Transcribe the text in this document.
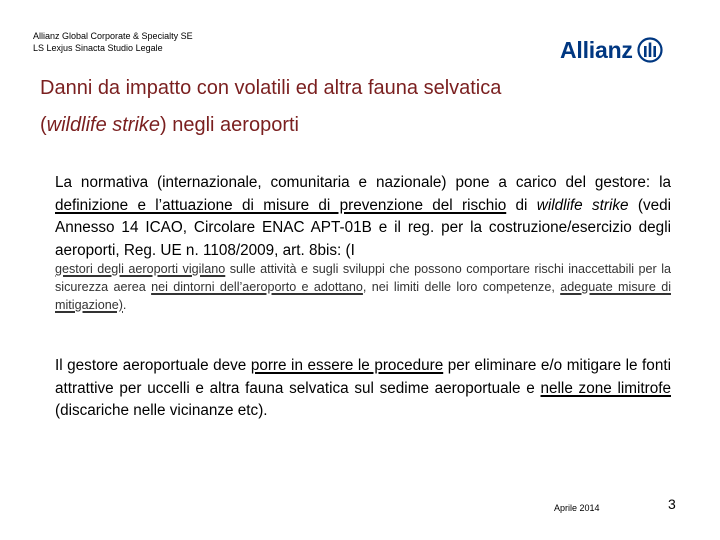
Allianz Global Corporate & Specialty SE
LS Lexjus Sinacta Studio Legale	Allianz
Danni da impatto con volatili ed altra fauna selvatica
(wildlife strike) negli aeroporti
La normativa (internazionale, comunitaria e nazionale) pone a carico del gestore: la definizione e l’attuazione di misure di prevenzione del rischio di wildlife strike (vedi Annesso 14 ICAO, Circolare ENAC APT-01B e il reg. per la costruzione/esercizio degli aeroporti, Reg. UE n. 1108/2009, art. 8bis: (I
gestori degli aeroporti vigilano sulle attività e sugli sviluppi che possono comportare rischi inaccettabili per la sicurezza aerea nei dintorni dell’aeroporto e adottano, nei limiti delle loro competenze, adeguate misure di mitigazione).
Il gestore aeroportuale deve porre in essere le procedure per eliminare e/o mitigare le fonti attrattive per uccelli e altra fauna selvatica sul sedime aeroportuale e nelle zone limitrofe (discariche nelle vicinanze etc).
Aprile 2014	3
